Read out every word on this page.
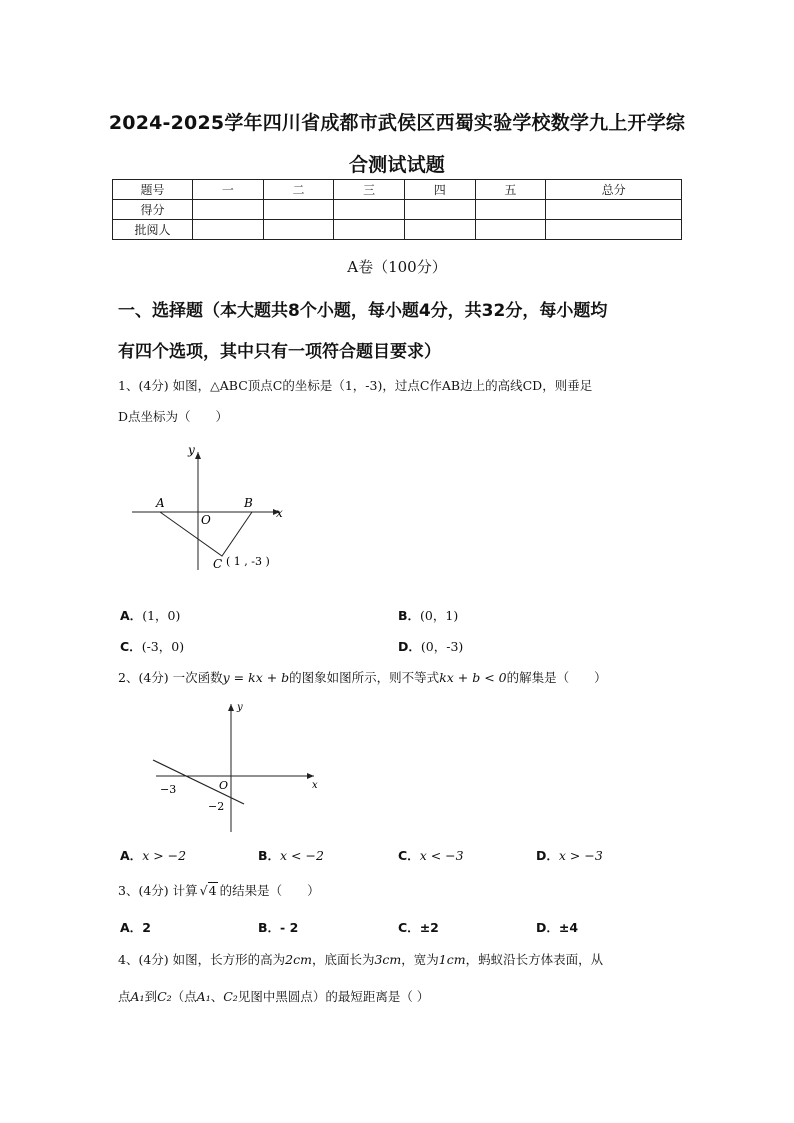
2024-2025学年四川省成都市武侯区西蜀实验学校数学九上开学综
合测试试题
题号	一	二	三	四	五	总分
得分						
批阅人						
A卷（100分）
一、选择题（本大题共8个小题，每小题4分，共32分，每小题均
有四个选项，其中只有一项符合题目要求）
1、(4分) 如图，△ABC顶点C的坐标是（1，-3)，过点C作AB边上的高线CD，则垂足
D点坐标为（　　）
y
x
A	B
O
C ( 1 , -3 )
A．(1，0)	B．(0，1)
C．(-3，0)	D．(0，-3)
2、(4分) 一次函数y = kx + b的图象如图所示，则不等式kx + b < 0的解集是（　　）
y
x
O
−3
−2
A．x > −2	B．x < −2	C．x < −3	D．x > −3
3、(4分) 计算 √4 的结果是（　　）
A．2	B．- 2	C．±2	D．±4
4、(4分) 如图，长方形的高为2cm，底面长为3cm，宽为1cm，蚂蚁沿长方体表面，从
点A₁到C₂（点A₁、C₂见图中黑圆点）的最短距离是（ ）
